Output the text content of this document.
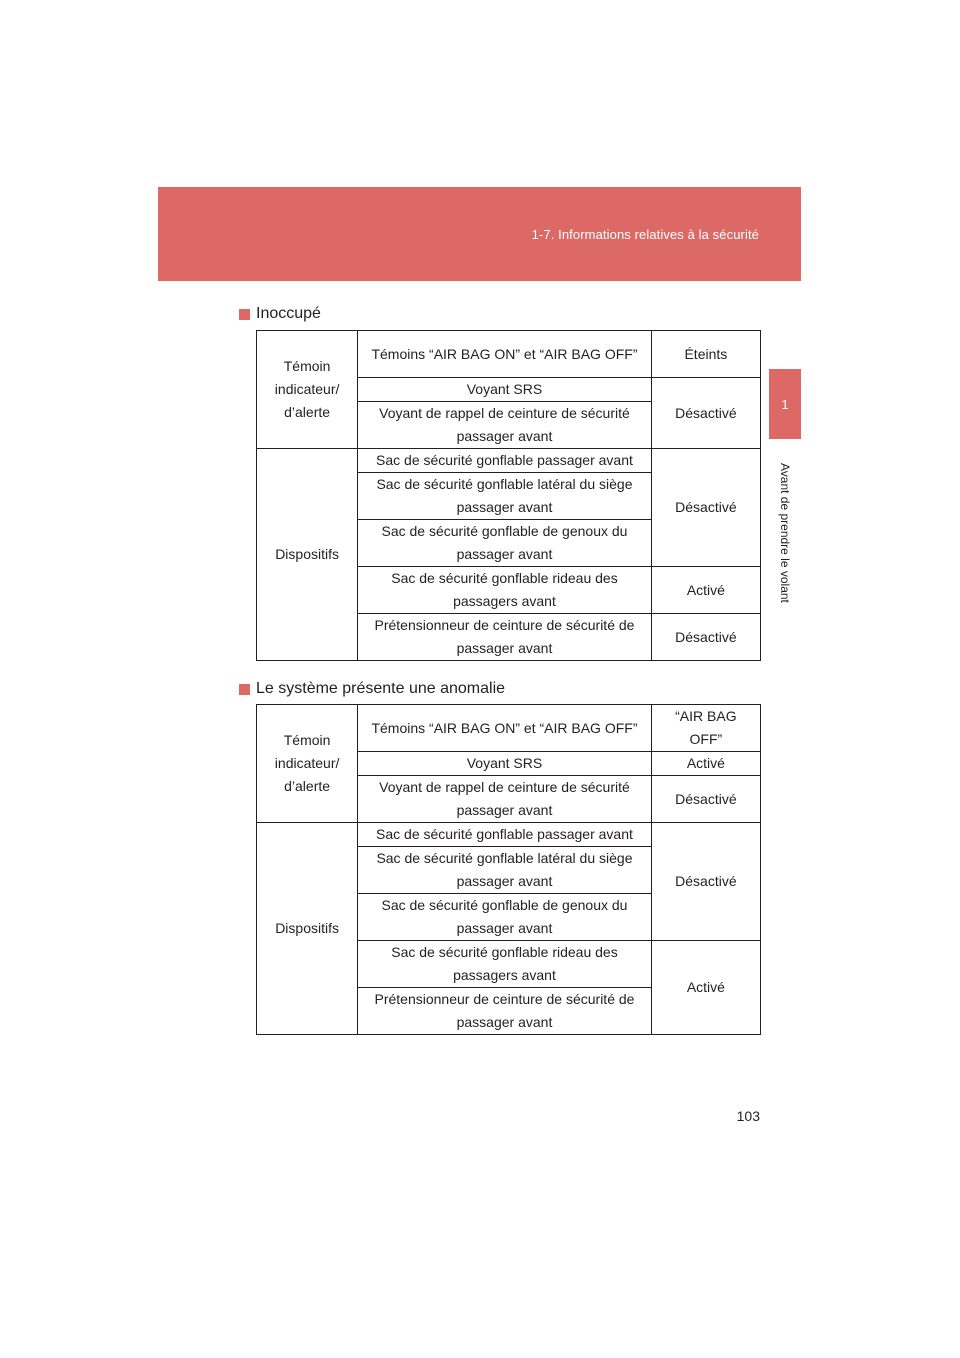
1-7. Informations relatives à la sécurité
1
Avant de prendre le volant
Inoccupé
Témoin indicateur/ d’alerte	Témoins “AIR BAG ON” et “AIR BAG OFF”	Éteints
	Voyant SRS	Désactivé
	Voyant de rappel de ceinture de sécurité passager avant	
Dispositifs	Sac de sécurité gonflable passager avant	Désactivé
	Sac de sécurité gonflable latéral du siège passager avant	
	Sac de sécurité gonflable de genoux du passager avant	
	Sac de sécurité gonflable rideau des passagers avant	Activé
	Prétensionneur de ceinture de sécurité de passager avant	Désactivé
Le système présente une anomalie
Témoin indicateur/ d’alerte	Témoins “AIR BAG ON” et “AIR BAG OFF”	“AIR BAG OFF”
	Voyant SRS	Activé
	Voyant de rappel de ceinture de sécurité passager avant	Désactivé
Dispositifs	Sac de sécurité gonflable passager avant	Désactivé
	Sac de sécurité gonflable latéral du siège passager avant	
	Sac de sécurité gonflable de genoux du passager avant	
	Sac de sécurité gonflable rideau des passagers avant	Activé
	Prétensionneur de ceinture de sécurité de passager avant	
103
